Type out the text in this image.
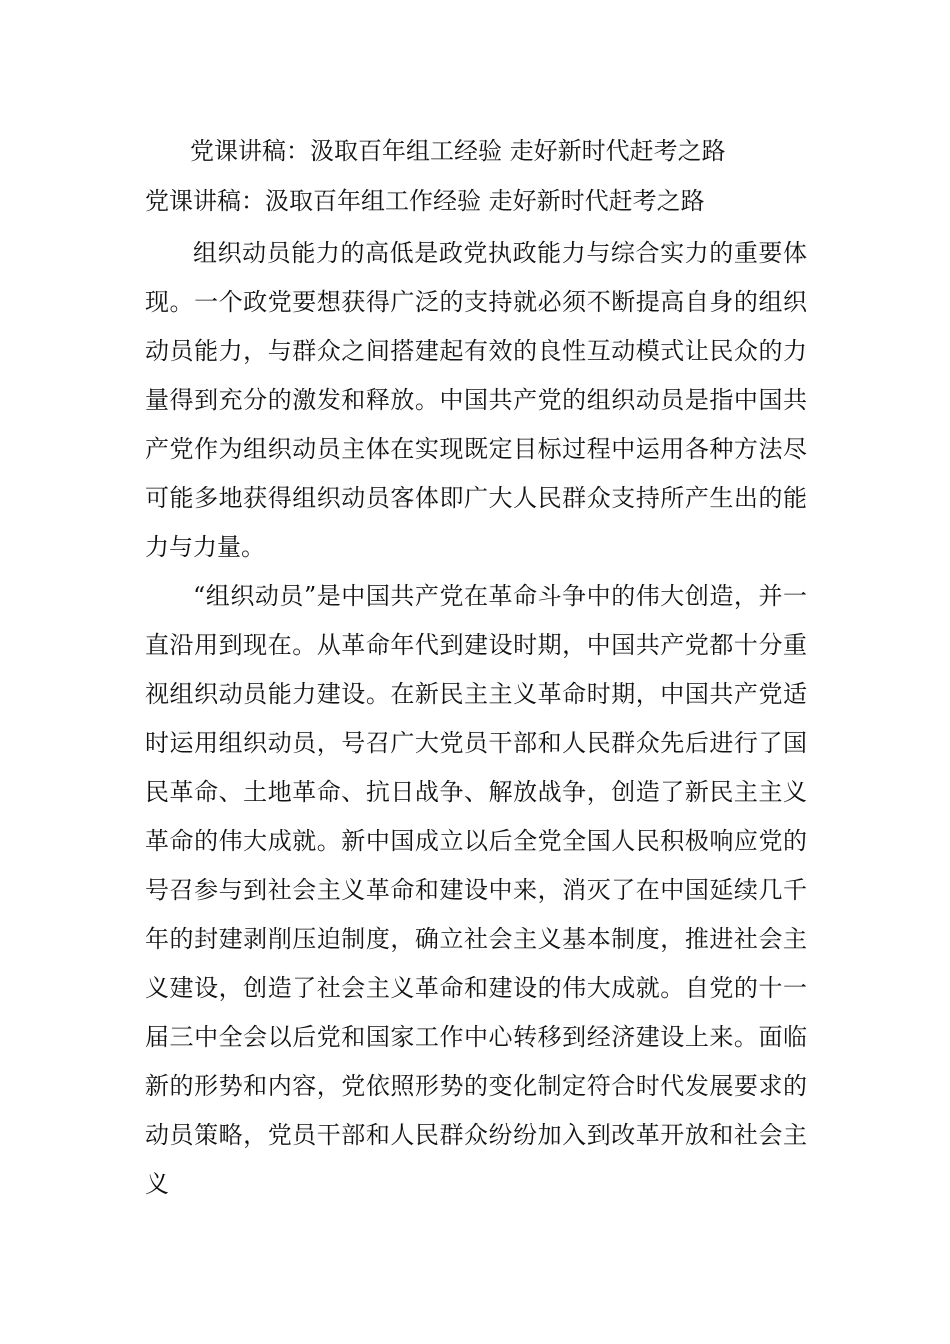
党课讲稿：汲取百年组工经验 走好新时代赶考之路
党课讲稿：汲取百年组工作经验 走好新时代赶考之路

组织动员能力的高低是政党执政能力与综合实力的重要体现。一个政党要想获得广泛的支持就必须不断提高自身的组织动员能力，与群众之间搭建起有效的良性互动模式让民众的力量得到充分的激发和释放。中国共产党的组织动员是指中国共产党作为组织动员主体在实现既定目标过程中运用各种方法尽可能多地获得组织动员客体即广大人民群众支持所产生出的能力与力量。

“组织动员”是中国共产党在革命斗争中的伟大创造，并一直沿用到现在。从革命年代到建设时期，中国共产党都十分重视组织动员能力建设。在新民主主义革命时期，中国共产党适时运用组织动员，号召广大党员干部和人民群众先后进行了国民革命、土地革命、抗日战争、解放战争，创造了新民主主义革命的伟大成就。新中国成立以后全党全国人民积极响应党的号召参与到社会主义革命和建设中来，消灭了在中国延续几千年的封建剥削压迫制度，确立社会主义基本制度，推进社会主义建设，创造了社会主义革命和建设的伟大成就。自党的十一届三中全会以后党和国家工作中心转移到经济建设上来。面临新的形势和内容，党依照形势的变化制定符合时代发展要求的动员策略，党员干部和人民群众纷纷加入到改革开放和社会主义
